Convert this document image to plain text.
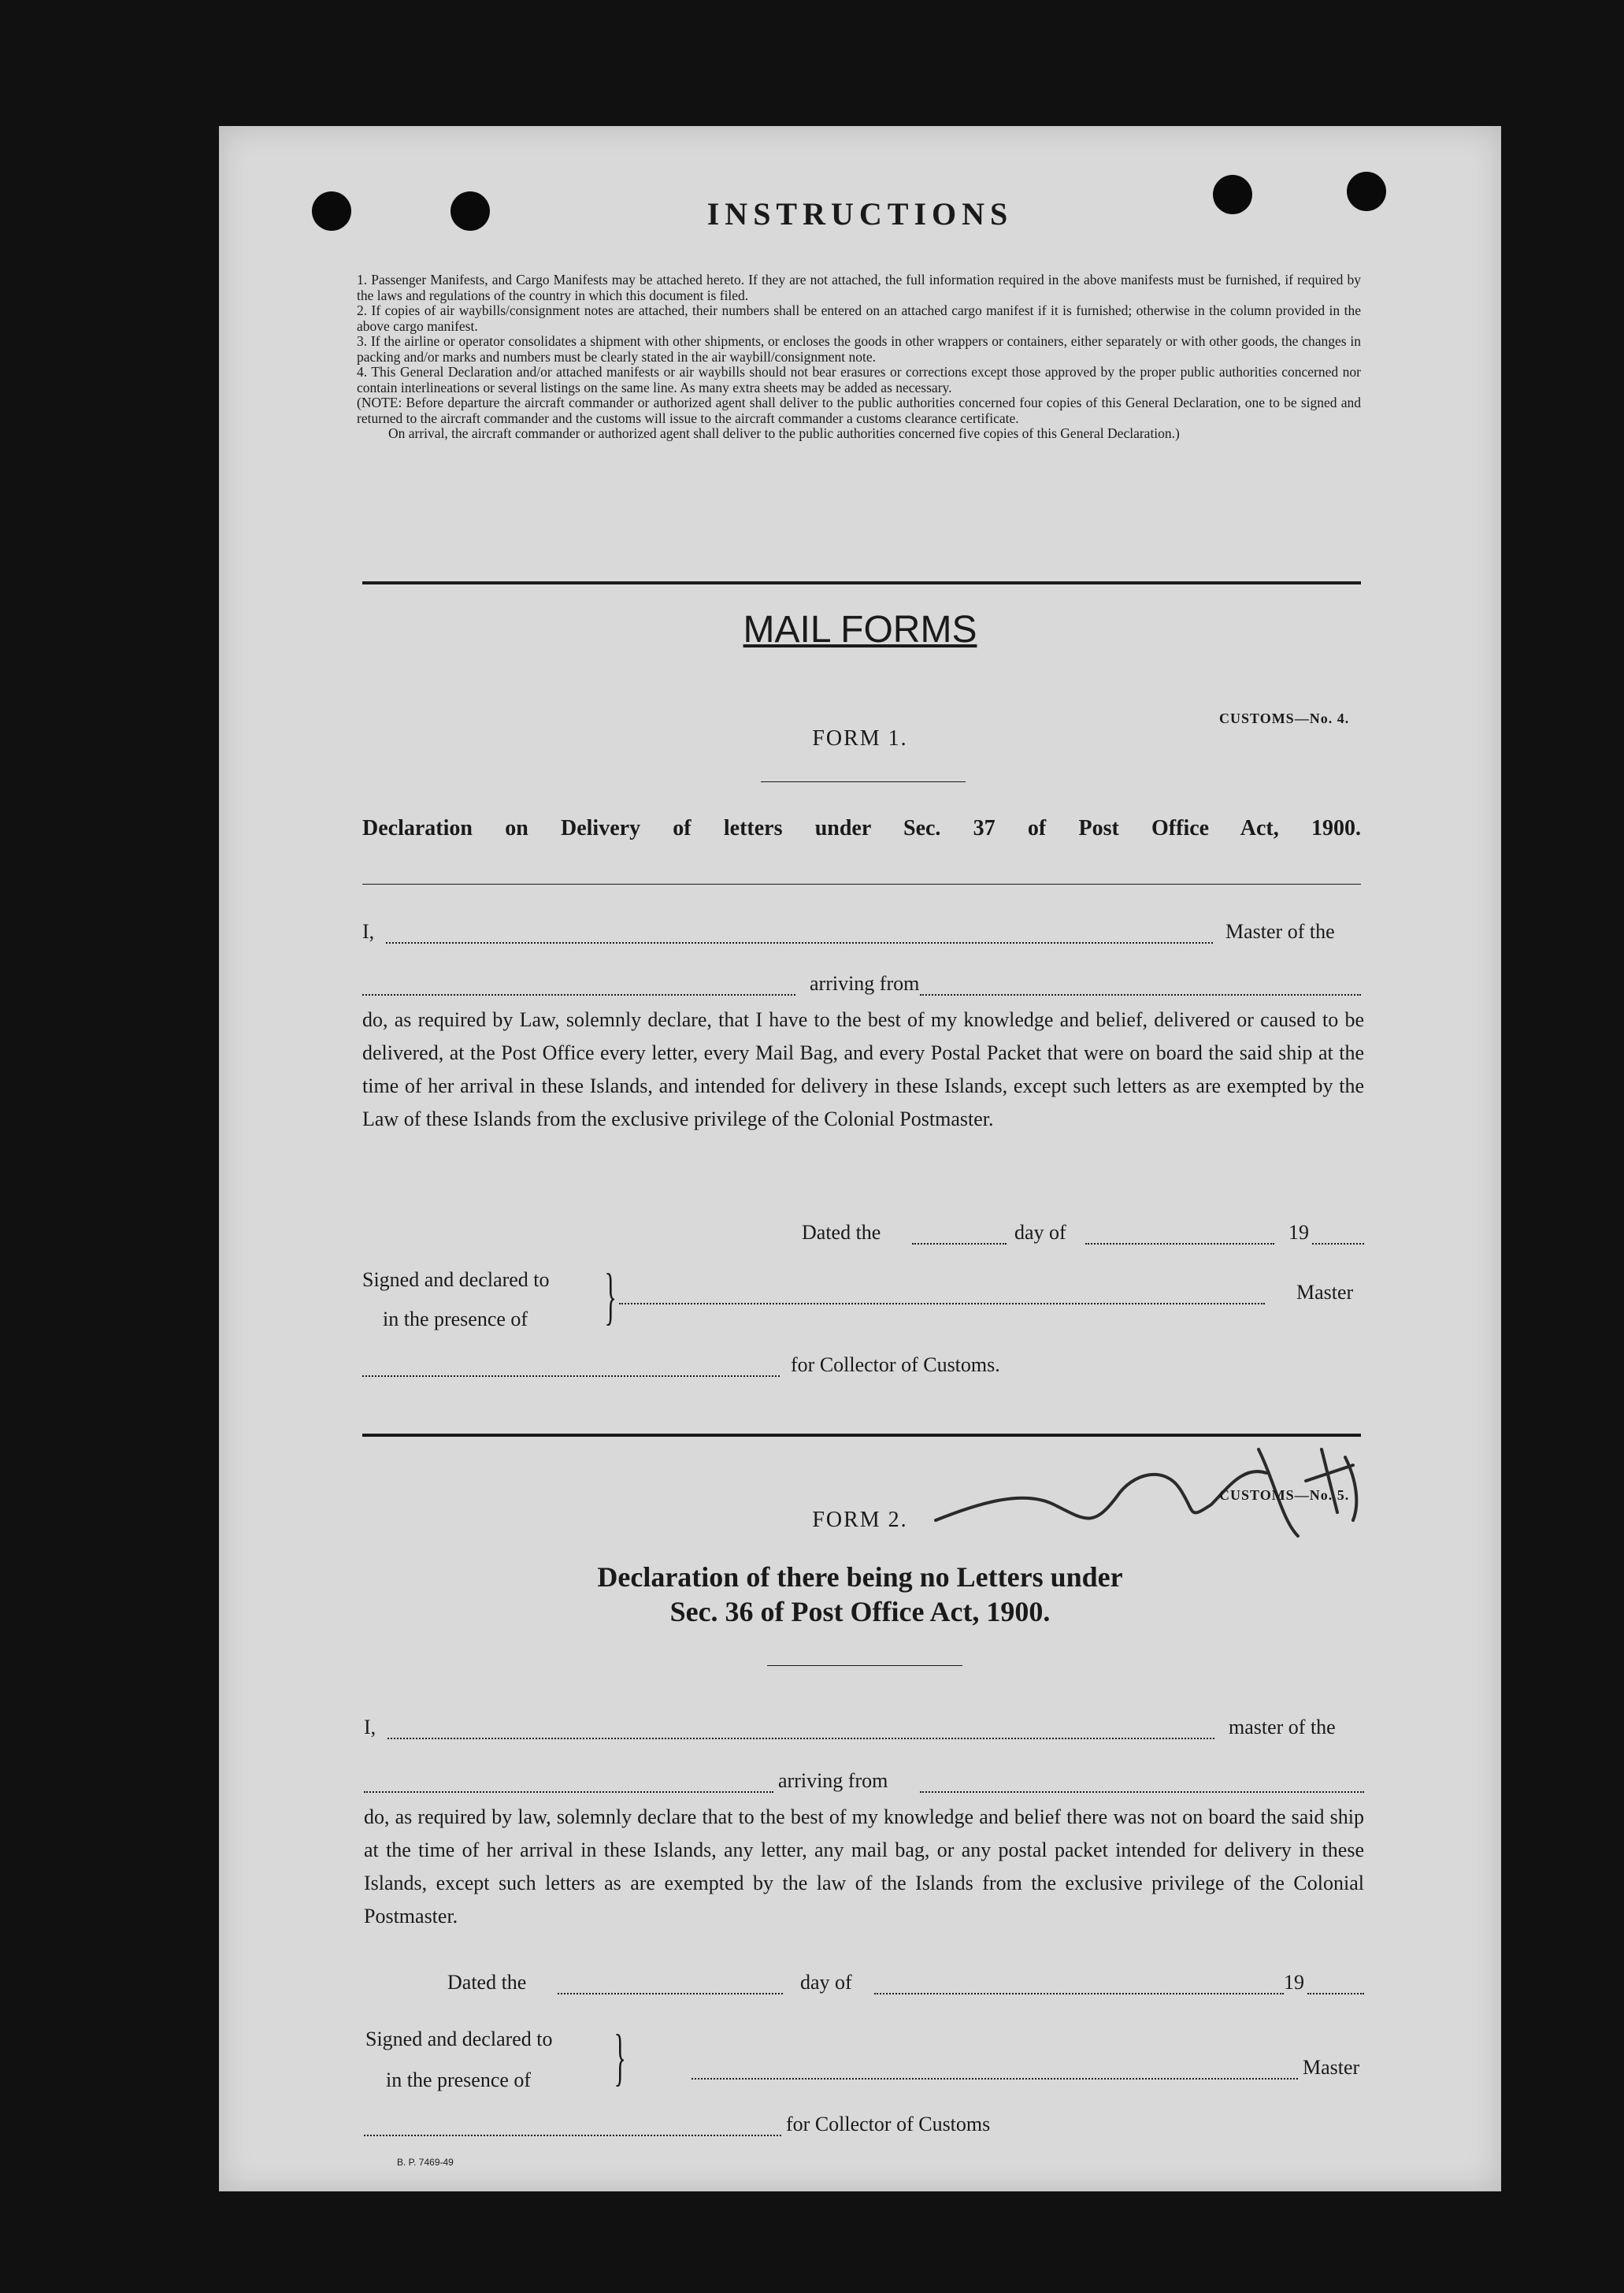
INSTRUCTIONS
1. Passenger Manifests, and Cargo Manifests may be attached hereto. If they are not attached, the full information required in the above manifests must be furnished, if required by the laws and regulations of the country in which this document is filed.
2. If copies of air waybills/consignment notes are attached, their numbers shall be entered on an attached cargo manifest if it is furnished; otherwise in the column provided in the above cargo manifest.
3. If the airline or operator consolidates a shipment with other shipments, or encloses the goods in other wrappers or containers, either separately or with other goods, the changes in packing and/or marks and numbers must be clearly stated in the air waybill/consignment note.
4. This General Declaration and/or attached manifests or air waybills should not bear erasures or corrections except those approved by the proper public authorities concerned nor contain interlineations or several listings on the same line. As many extra sheets may be added as necessary.
(NOTE: Before departure the aircraft commander or authorized agent shall deliver to the public authorities concerned four copies of this General Declaration, one to be signed and returned to the aircraft commander and the customs will issue to the aircraft commander a customs clearance certificate.
On arrival, the aircraft commander or authorized agent shall deliver to the public authorities concerned five copies of this General Declaration.)
MAIL FORMS
CUSTOMS—No. 4.
FORM 1.
Declaration on Delivery of letters under Sec. 37 of Post Office Act, 1900.
I,	Master of the
arriving from
do, as required by Law, solemnly declare, that I have to the best of my knowledge and belief, delivered or caused to be delivered, at the Post Office every letter, every Mail Bag, and every Postal Packet that were on board the said ship at the time of her arrival in these Islands, and intended for delivery in these Islands, except such letters as are exempted by the Law of these Islands from the exclusive privilege of the Colonial Postmaster.
Dated the	day of	19
Signed and declared to
in the presence of }	Master
for Collector of Customs.
CUSTOMS—No. 5.
FORM 2.
Declaration of there being no Letters under
Sec. 36 of Post Office Act, 1900.
I,	master of the
arriving from
do, as required by law, solemnly declare that to the best of my knowledge and belief there was not on board the said ship at the time of her arrival in these Islands, any letter, any mail bag, or any postal packet intended for delivery in these Islands, except such letters as are exempted by the law of the Islands from the exclusive privilege of the Colonial Postmaster.
Dated the	day of	19
Signed and declared to
in the presence of }	Master
for Collector of Customs
B. P. 7469-49
